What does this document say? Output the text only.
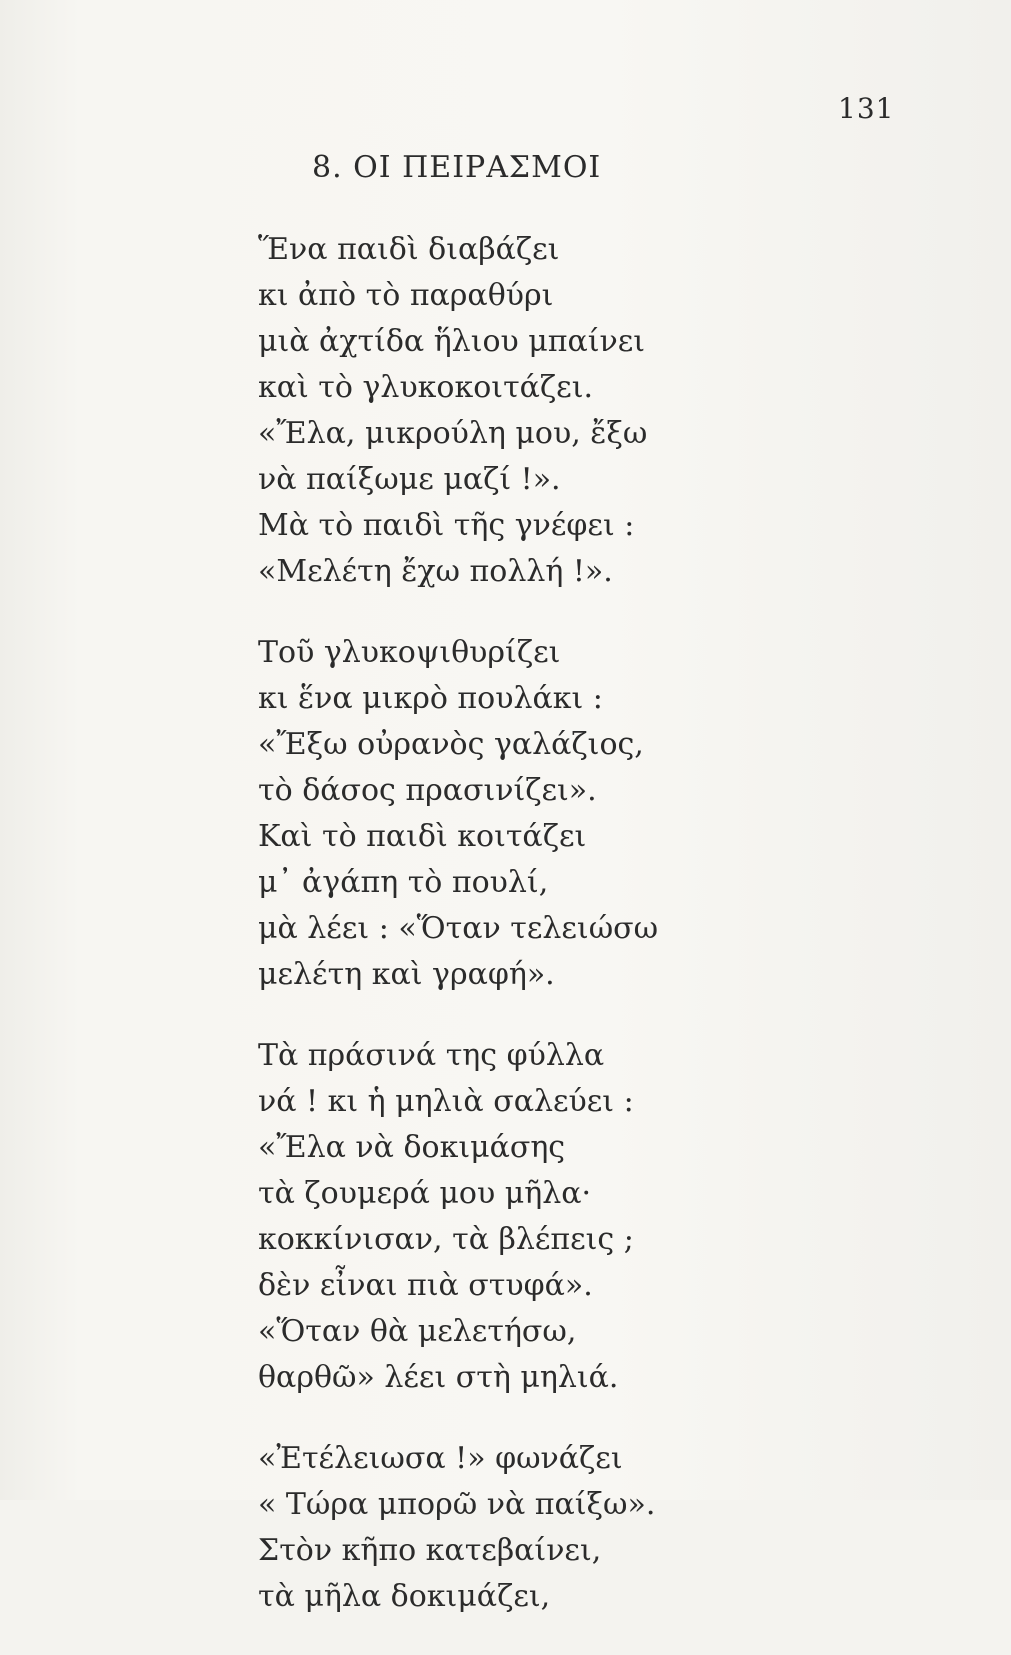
131
8. ΟΙ ΠΕΙΡΑΣΜΟΙ
Ἕνα παιδὶ διαβάζει
κι ἀπὸ τὸ παραθύρι
μιὰ ἀχτίδα ἥλιου μπαίνει
καὶ τὸ γλυκοκοιτάζει.
«Ἔλα, μικρούλη μου, ἔξω
νὰ παίξωμε μαζί !».
Μὰ τὸ παιδὶ τῆς γνέφει :
«Μελέτη ἔχω πολλή !».
Τοῦ γλυκοψιθυρίζει
κι ἕνα μικρὸ πουλάκι :
«Ἔξω οὐρανὸς γαλάζιος,
τὸ δάσος πρασινίζει».
Καὶ τὸ παιδὶ κοιτάζει
μ᾽ ἀγάπη τὸ πουλί,
μὰ λέει : «Ὅταν τελειώσω
μελέτη καὶ γραφή».
Τὰ πράσινά της φύλλα
νά ! κι ἡ μηλιὰ σαλεύει :
«Ἔλα νὰ δοκιμάσης
τὰ ζουμερά μου μῆλα·
κοκκίνισαν, τὰ βλέπεις ;
δὲν εἶναι πιὰ στυφά».
«Ὅταν θὰ μελετήσω,
θαρθῶ» λέει στὴ μηλιά.
«Ἐτέλειωσα !» φωνάζει
« Τώρα μπορῶ νὰ παίξω».
Στὸν κῆπο κατεβαίνει,
τὰ μῆλα δοκιμάζει,
